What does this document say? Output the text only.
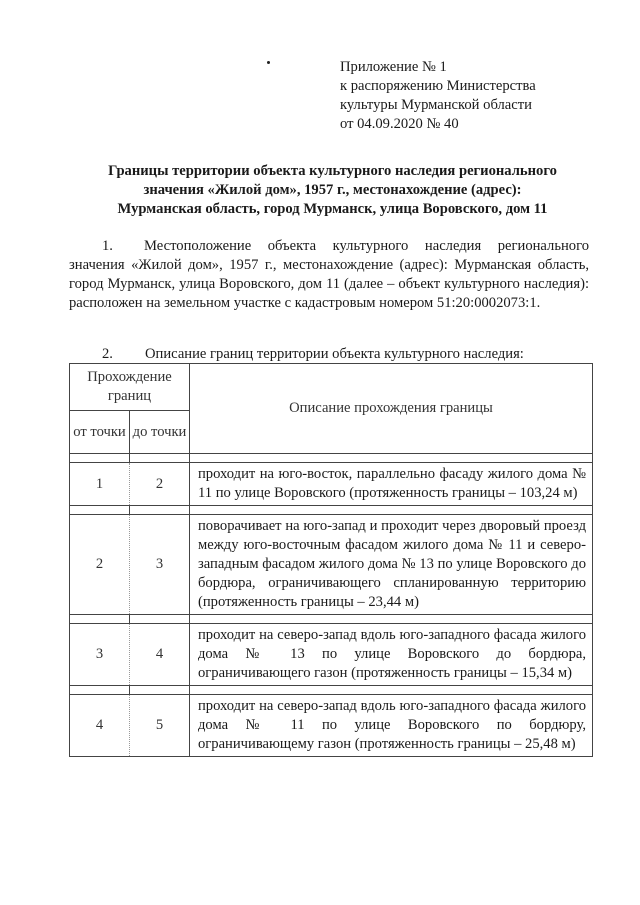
Приложение № 1
к распоряжению Министерства
культуры Мурманской области
от 04.09.2020 № 40
Границы территории объекта культурного наследия регионального
значения «Жилой дом», 1957 г., местонахождение (адрес):
Мурманская область, город Мурманск, улица Воровского, дом 11
1. Местоположение объекта культурного наследия регионального значения «Жилой дом», 1957 г., местонахождение (адрес): Мурманская область, город Мурманск, улица Воровского, дом 11 (далее – объект культурного наследия): расположен на земельном участке с кадастровым номером 51:20:0002073:1.
2. Описание границ территории объекта культурного наследия:
Прохождение границ		Описание прохождения границы
от точки	до точки	

1	2	проходит на юго-восток, параллельно фасаду жилого дома № 11 по улице Воровского (протяженность границы – 103,24 м)

2	3	поворачивает на юго-запад и проходит через дворовый проезд между юго-восточным фасадом жилого дома № 11 и северо-западным фасадом жилого дома № 13 по улице Воровского до бордюра, ограничивающего спланированную территорию (протяженность границы – 23,44 м)

3	4	проходит на северо-запад вдоль юго-западного фасада жилого дома № 13 по улице Воровского до бордюра, ограничивающего газон (протяженность границы – 15,34 м)

4	5	проходит на северо-запад вдоль юго-западного фасада жилого дома № 11 по улице Воровского по бордюру, ограничивающему газон (протяженность границы – 25,48 м)
